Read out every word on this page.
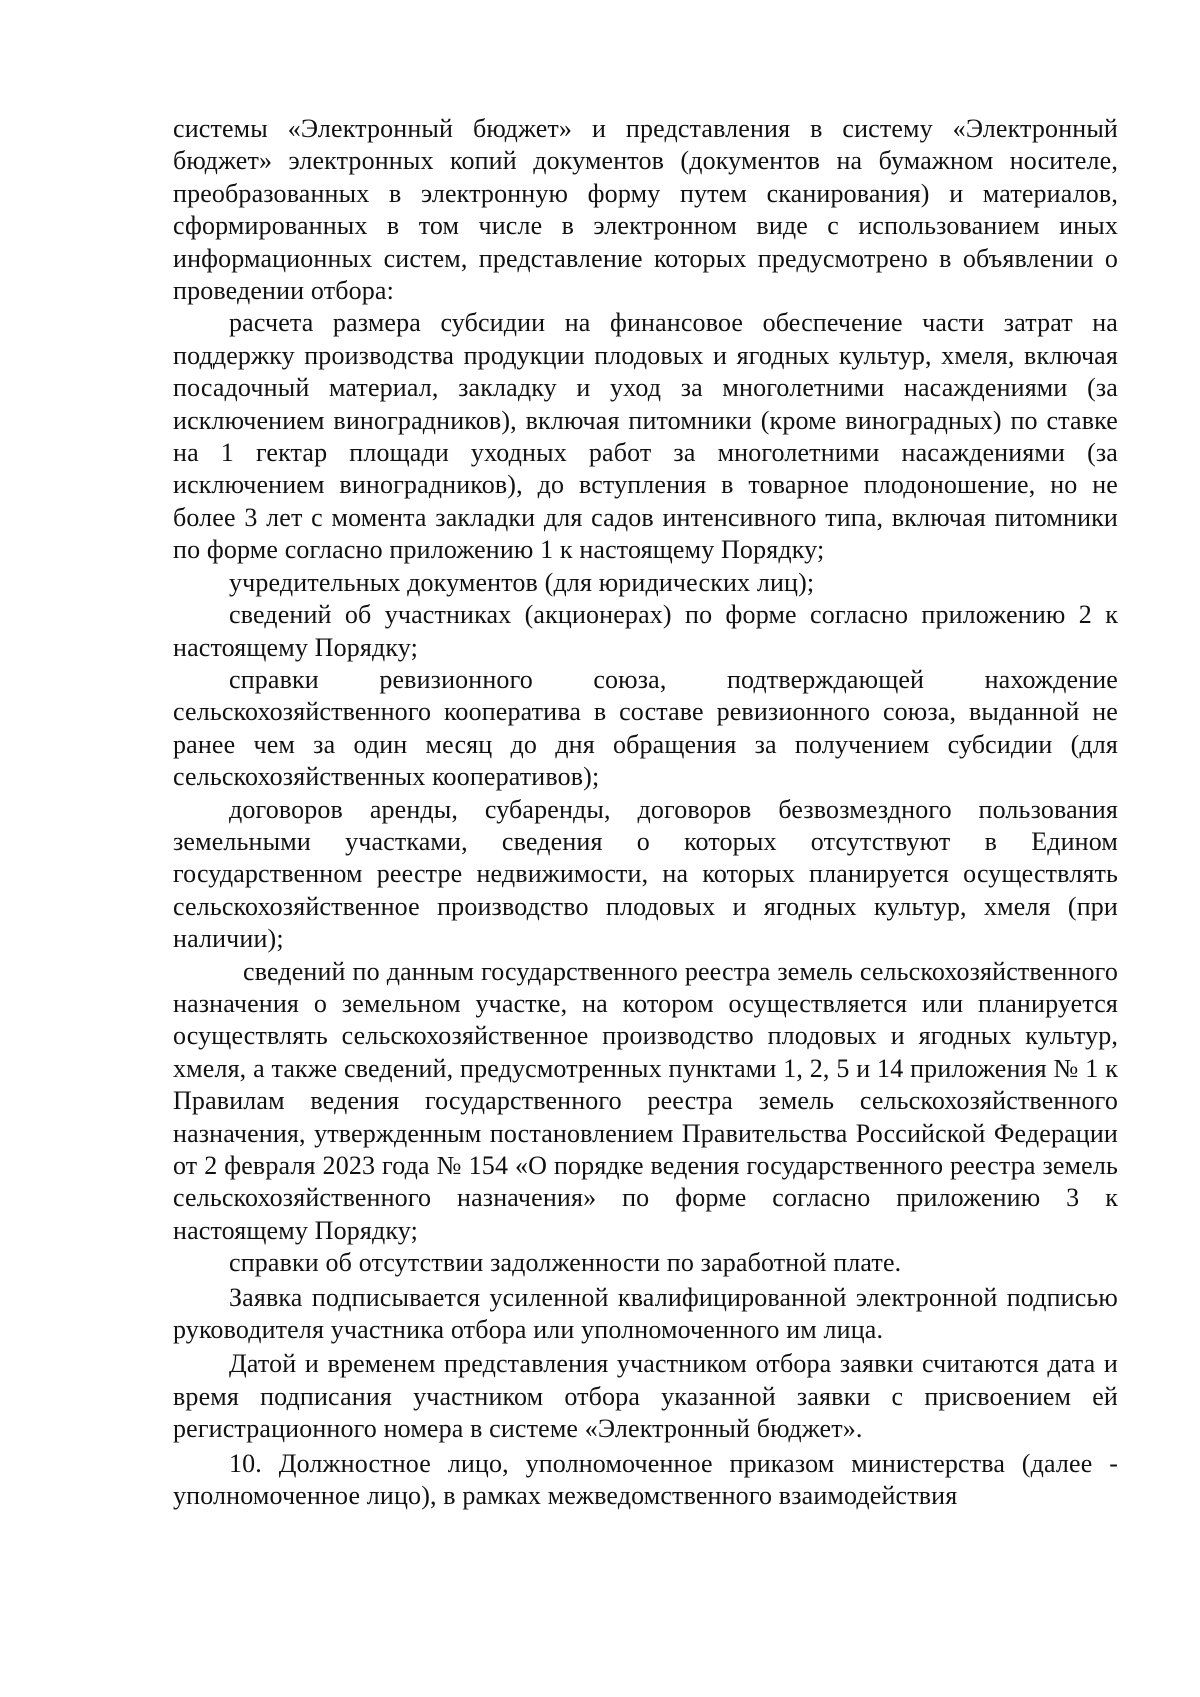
системы «Электронный бюджет» и представления в систему «Электронный бюджет» электронных копий документов (документов на бумажном носителе, преобразованных в электронную форму путем сканирования) и материалов, сформированных в том числе в электронном виде с использованием иных информационных систем, представление которых предусмотрено в объявлении о проведении отбора:

расчета размера субсидии на финансовое обеспечение части затрат на поддержку производства продукции плодовых и ягодных культур, хмеля, включая посадочный материал, закладку и уход за многолетними насаждениями (за исключением виноградников), включая питомники (кроме виноградных) по ставке на 1 гектар площади уходных работ за многолетними насаждениями (за исключением виноградников), до вступления в товарное плодоношение, но не более 3 лет с момента закладки для садов интенсивного типа, включая питомники по форме согласно приложению 1 к настоящему Порядку;

учредительных документов (для юридических лиц);

сведений об участниках (акционерах) по форме согласно приложению 2 к настоящему Порядку;

справки ревизионного союза, подтверждающей нахождение сельскохозяйственного кооператива в составе ревизионного союза, выданной не ранее чем за один месяц до дня обращения за получением субсидии (для сельскохозяйственных кооперативов);

договоров аренды, субаренды, договоров безвозмездного пользования земельными участками, сведения о которых отсутствуют в Едином государственном реестре недвижимости, на которых планируется осуществлять сельскохозяйственное производство плодовых и ягодных культур, хмеля (при наличии);

сведений по данным государственного реестра земель сельскохозяйственного назначения о земельном участке, на котором осуществляется или планируется осуществлять сельскохозяйственное производство плодовых и ягодных культур, хмеля, а также сведений, предусмотренных пунктами 1, 2, 5 и 14 приложения № 1 к Правилам ведения государственного реестра земель сельскохозяйственного назначения, утвержденным постановлением Правительства Российской Федерации от 2 февраля 2023 года № 154 «О порядке ведения государственного реестра земель сельскохозяйственного назначения» по форме согласно приложению 3 к настоящему Порядку;

справки об отсутствии задолженности по заработной плате.

Заявка подписывается усиленной квалифицированной электронной подписью руководителя участника отбора или уполномоченного им лица.

Датой и временем представления участником отбора заявки считаются дата и время подписания участником отбора указанной заявки с присвоением ей регистрационного номера в системе «Электронный бюджет».

10. Должностное лицо, уполномоченное приказом министерства (далее - уполномоченное лицо), в рамках межведомственного взаимодействия
